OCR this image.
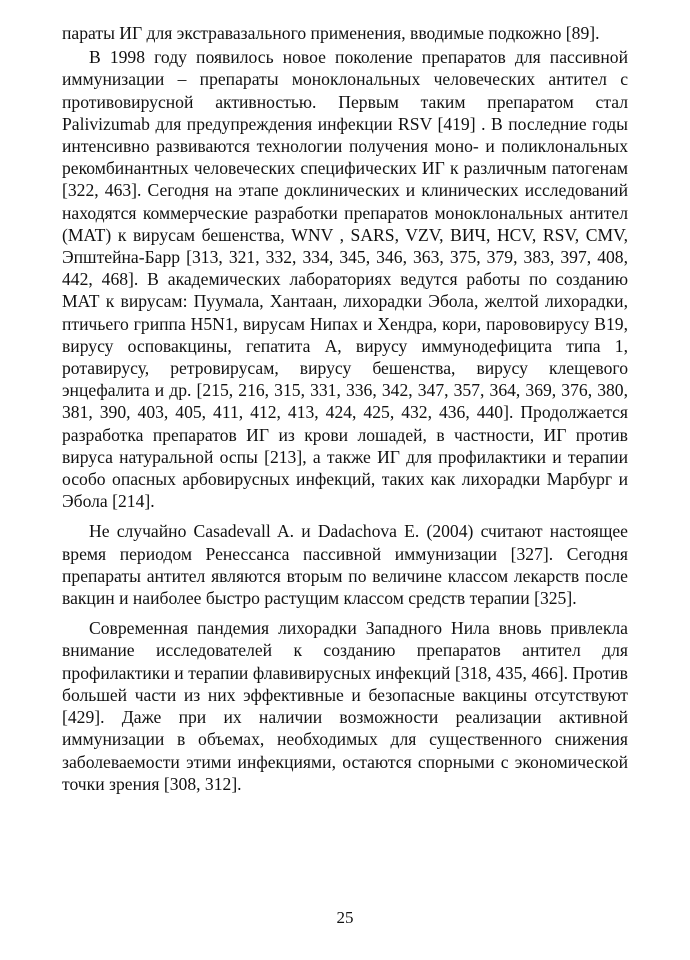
параты ИГ для экстравазального применения, вводимые подкожно [89].

В 1998 году появилось новое поколение препаратов для пассивной иммунизации – препараты моноклональных человеческих антител с противовирусной активностью. Первым таким препаратом стал Palivizumab для предупреждения инфекции RSV [419] . В последние годы интенсивно развиваются технологии получения моно- и поликлональных рекомбинантных человеческих специфических ИГ к различным патогенам [322, 463]. Сегодня на этапе доклинических и клинических исследований находятся коммерческие разработки препаратов моноклональных антител (МАТ) к вирусам бешенства, WNV , SARS, VZV, ВИЧ, HCV, RSV, CMV, Эпштейна-Барр [313, 321, 332, 334, 345, 346, 363, 375, 379, 383, 397, 408, 442, 468]. В академических лабораториях ведутся работы по созданию МАТ к вирусам: Пуумала, Хантаан, лихорадки Эбола, желтой лихорадки, птичьего гриппа H5N1, вирусам Нипах и Хендра, кори, парововирусу В19, вирусу осповакцины, гепатита А, вирусу иммунодефицита типа 1, ротавирусу, ретровирусам, вирусу бешенства, вирусу клещевого энцефалита и др. [215, 216, 315, 331, 336, 342, 347, 357, 364, 369, 376, 380, 381, 390, 403, 405, 411, 412, 413, 424, 425, 432, 436, 440]. Продолжается разработка препаратов ИГ из крови лошадей, в частности, ИГ против вируса натуральной оспы [213], а также ИГ для профилактики и терапии особо опасных арбовирусных инфекций, таких как лихорадки Марбург и Эбола [214].

Не случайно Casadevall A. и Dadachova E. (2004) считают настоящее время периодом Ренессанса пассивной иммунизации [327]. Сегодня препараты антител являются вторым по величине классом лекарств после вакцин и наиболее быстро растущим классом средств терапии [325].

Современная пандемия лихорадки Западного Нила вновь привлекла внимание исследователей к созданию препаратов антител для профилактики и терапии флавивирусных инфекций [318, 435, 466]. Против большей части из них эффективные и безопасные вакцины отсутствуют [429]. Даже при их наличии возможности реализации активной иммунизации в объемах, необходимых для существенного снижения заболеваемости этими инфекциями, остаются спорными с экономической точки зрения [308, 312].

25
